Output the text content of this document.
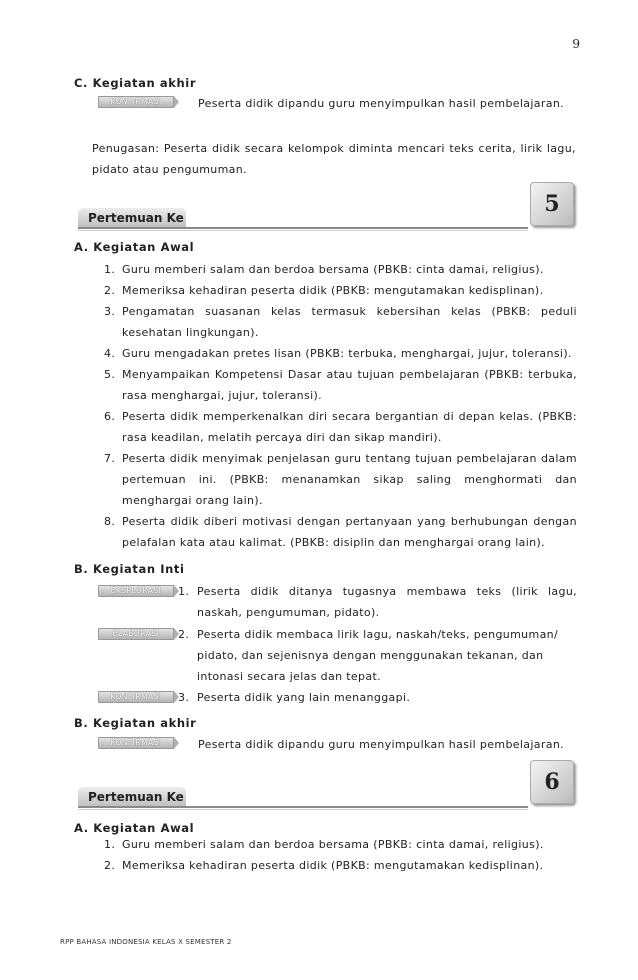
9
C. Kegiatan akhir
KONFIRMASI	Peserta didik dipandu guru menyimpulkan hasil pembelajaran.
Penugasan: Peserta didik secara kelompok diminta mencari teks cerita, lirik lagu,
pidato atau pengumuman.
Pertemuan Ke
5
A. Kegiatan Awal
1. Guru memberi salam dan berdoa bersama (PBKB: cinta damai, religius).
2. Memeriksa kehadiran peserta didik (PBKB: mengutamakan kedisplinan).
3. Pengamatan suasanan kelas termasuk kebersihan kelas (PBKB: peduli
kesehatan lingkungan).
4. Guru mengadakan pretes lisan (PBKB: terbuka, menghargai, jujur, toleransi).
5. Menyampaikan Kompetensi Dasar atau tujuan pembelajaran (PBKB: terbuka,
rasa menghargai, jujur, toleransi).
6. Peserta didik memperkenalkan diri secara bergantian di depan kelas. (PBKB:
rasa keadilan, melatih percaya diri dan sikap mandiri).
7. Peserta didik menyimak penjelasan guru tentang tujuan pembelajaran dalam
pertemuan ini. (PBKB: menanamkan sikap saling menghormati dan
menghargai orang lain).
8. Peserta didik diberi motivasi dengan pertanyaan yang berhubungan dengan
pelafalan kata atau kalimat. (PBKB: disiplin dan menghargai orang lain).
B. Kegiatan Inti
EKSPLORASI	1. Peserta didik ditanya tugasnya membawa teks (lirik lagu,
naskah, pengumuman, pidato).
ELABORASI	2. Peserta didik membaca lirik lagu, naskah/teks, pengumuman/
pidato, dan sejenisnya dengan menggunakan tekanan, dan
intonasi secara jelas dan tepat.
KONFIRMASI	3. Peserta didik yang lain menanggapi.
B. Kegiatan akhir
KONFIRMASI	Peserta didik dipandu guru menyimpulkan hasil pembelajaran.
Pertemuan Ke
6
A. Kegiatan Awal
1. Guru memberi salam dan berdoa bersama (PBKB: cinta damai, religius).
2. Memeriksa kehadiran peserta didik (PBKB: mengutamakan kedisplinan).
RPP BAHASA INDONESIA KELAS X SEMESTER 2
